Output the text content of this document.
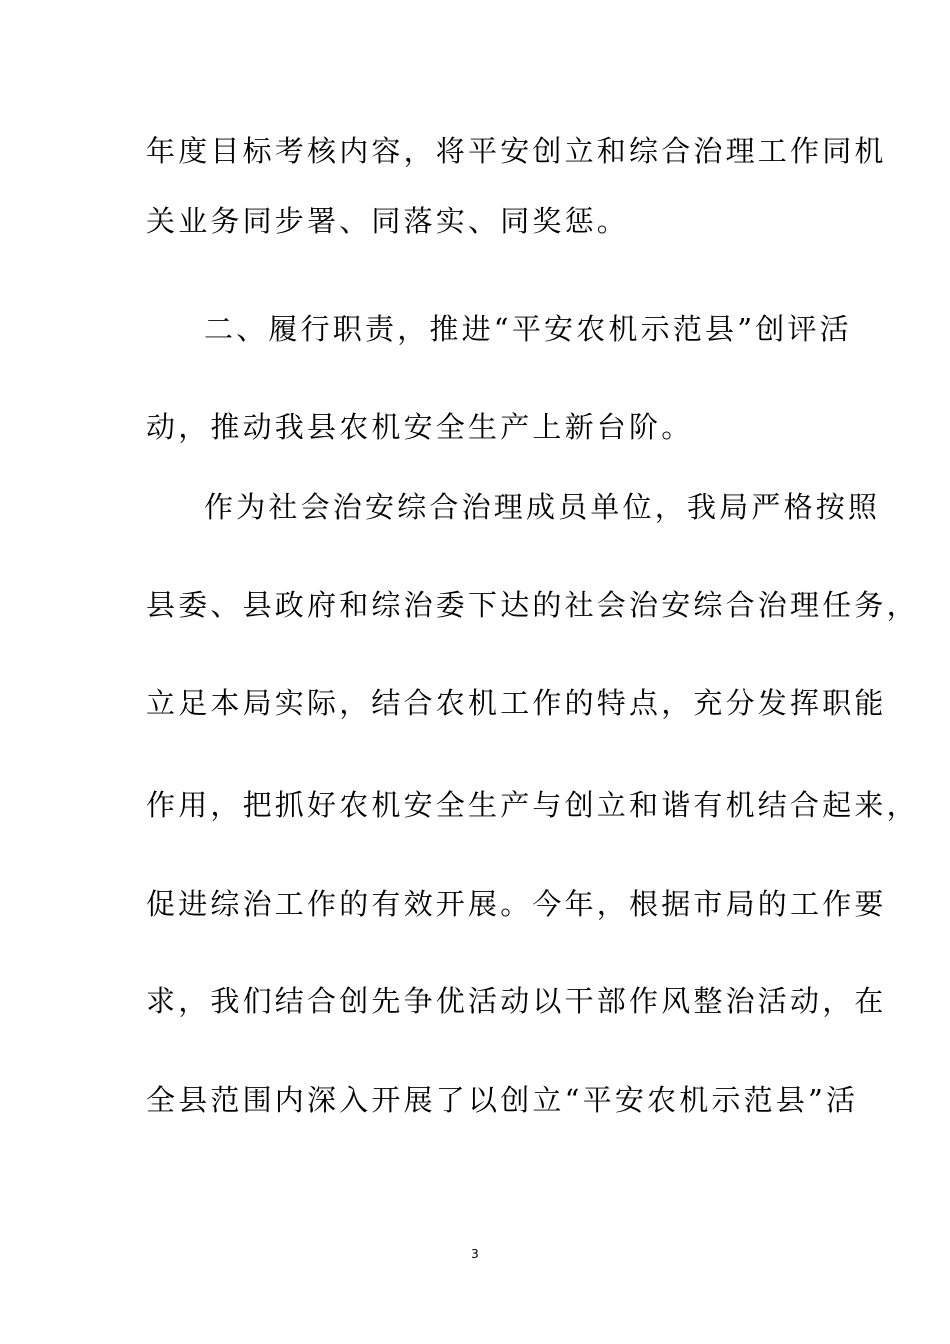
年度目标考核内容，将平安创立和综合治理工作同机
关业务同步署、同落实、同奖惩。
二、履行职责，推进“平安农机示范县”创评活
动，推动我县农机安全生产上新台阶。
作为社会治安综合治理成员单位，我局严格按照
县委、县政府和综治委下达的社会治安综合治理任务，
立足本局实际，结合农机工作的特点，充分发挥职能
作用，把抓好农机安全生产与创立和谐有机结合起来，
促进综治工作的有效开展。今年，根据市局的工作要
求，我们结合创先争优活动以干部作风整治活动，在
全县范围内深入开展了以创立“平安农机示范县”活
3
